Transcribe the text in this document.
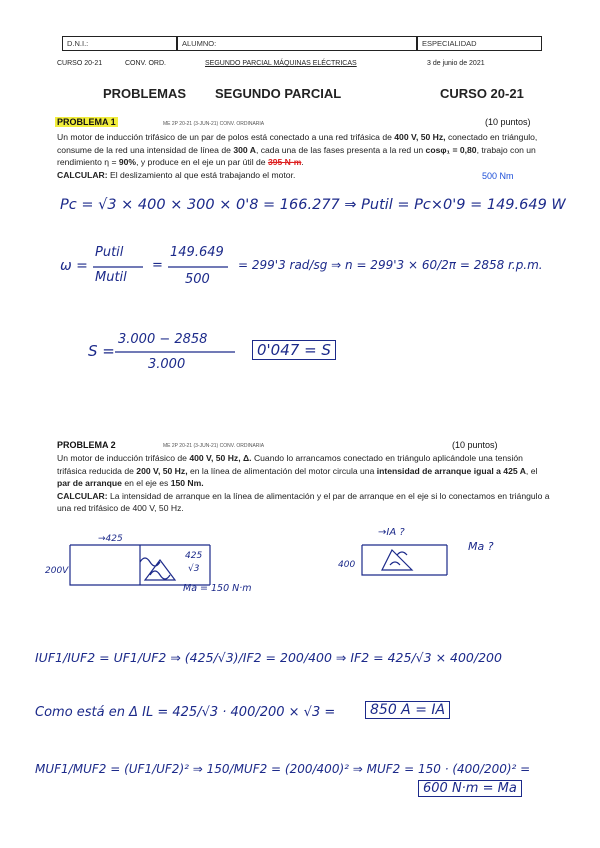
D.N.I.:	ALUMNO:	ESPECIALIDAD
CURSO 20-21	CONV. ORD.	SEGUNDO PARCIAL MÁQUINAS ELÉCTRICAS	3 de junio de 2021
PROBLEMAS SEGUNDO PARCIAL	CURSO 20-21
PROBLEMA 1	ME 2P 20-21 (3-JUN-21) CONV. ORDINARIA	(10 puntos)
Un motor de inducción trifásico de un par de polos está conectado a una red trifásica de 400 V, 50 Hz, conectado en triángulo, consume de la red una intensidad de línea de 300 A, cada una de las fases presenta a la red un cosφ₁ = 0,80, trabajo con un rendimiento η = 90%, y produce en el eje un par útil de 395 N·m.
CALCULAR: El deslizamiento al que está trabajando el motor.	500 Nm
Pc = √3 × 400 × 300 × 0'8 = 166.277 ⇒ Putil = Pc×0'9 = 149.649 W
ω =
Putil
Mutil
=
149.649
500
= 299'3 rad/sg ⇒ n = 299'3 × 60/2π = 2858 r.p.m.
S =
3.000 − 2858
3.000
0'047 = S
PROBLEMA 2	ME 2P 20-21 (3-JUN-21) CONV. ORDINARIA	(10 puntos)
Un motor de inducción trifásico de 400 V, 50 Hz, Δ. Cuando lo arrancamos conectado en triángulo aplicándole una tensión trifásica reducida de 200 V, 50 Hz, en la línea de alimentación del motor circula una intensidad de arranque igual a 425 A, el par de arranque en el eje es 150 Nm.
CALCULAR: La intensidad de arranque en la línea de alimentación y el par de arranque en el eje si lo conectamos en triángulo a una red trifásico de 400 V, 50 Hz.
→425
200V
425
√3
Ma = 150 N·m
→IA ?
400
Ma ?
IUF1/IUF2 = UF1/UF2 ⇒ (425/√3)/IF2 = 200/400 ⇒ IF2 = 425/√3 × 400/200
Como está en Δ IL = 425/√3 · 400/200 × √3 =	850 A = IA
MUF1/MUF2 = (UF1/UF2)² ⇒ 150/MUF2 = (200/400)² ⇒ MUF2 = 150 · (400/200)² =
600 N·m = Ma
